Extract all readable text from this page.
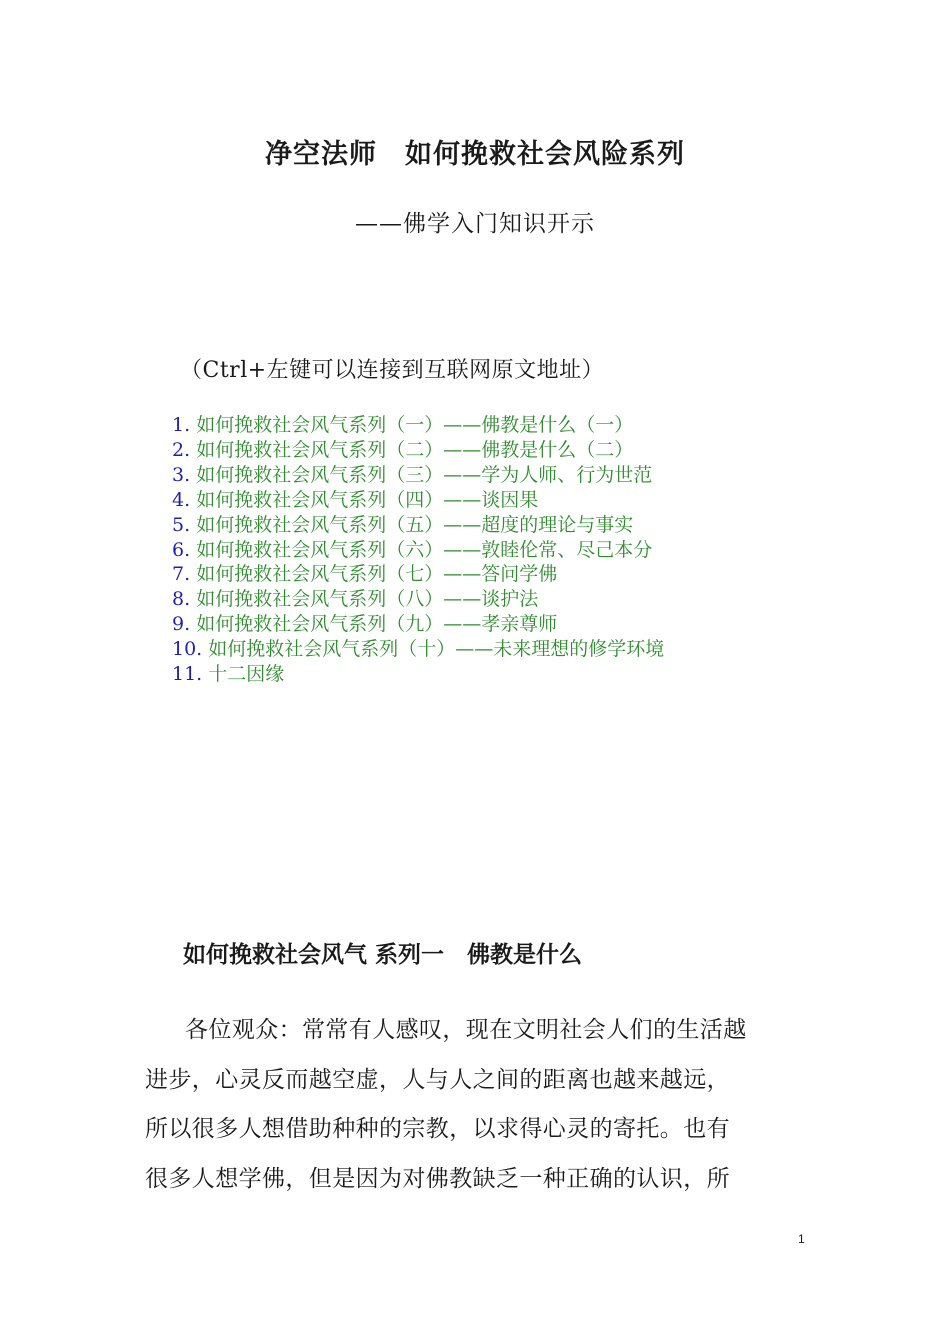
净空法师　如何挽救社会风险系列
——佛学入门知识开示
（Ctrl+左键可以连接到互联网原文地址）
1. 如何挽救社会风气系列（一）——佛教是什么（一）
2. 如何挽救社会风气系列（二）——佛教是什么（二）
3. 如何挽救社会风气系列（三）——学为人师、行为世范
4. 如何挽救社会风气系列（四）——谈因果
5. 如何挽救社会风气系列（五）——超度的理论与事实
6. 如何挽救社会风气系列（六）——敦睦伦常、尽己本分
7. 如何挽救社会风气系列（七）——答问学佛
8. 如何挽救社会风气系列（八）——谈护法
9. 如何挽救社会风气系列（九）——孝亲尊师
10. 如何挽救社会风气系列（十）——未来理想的修学环境
11. 十二因缘
如何挽救社会风气 系列一　佛教是什么

各位观众：常常有人感叹，现在文明社会人们的生活越
进步，心灵反而越空虚，人与人之间的距离也越来越远，
所以很多人想借助种种的宗教，以求得心灵的寄托。也有
很多人想学佛，但是因为对佛教缺乏一种正确的认识，所

1
